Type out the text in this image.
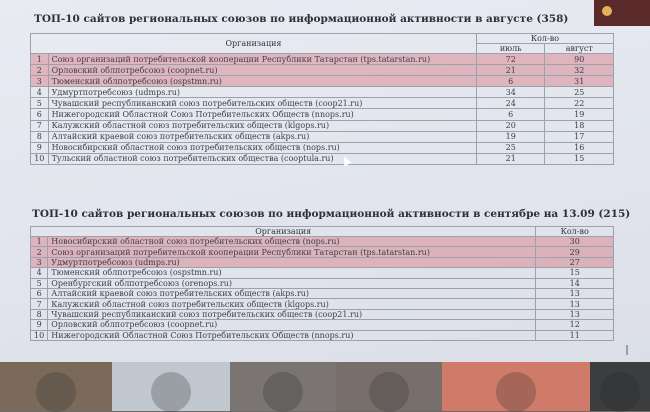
ТОП-10 сайтов региональных союзов по информационной активности в августе (358)
Организация		Кол-во	
		июль	август
1	Союз организаций потребительской кооперации Республики Татарстан (tps.tatarstan.ru)	72	90
2	Орловский облпотребсоюз (coopnet.ru)	21	32
3	Тюменский облпотребсоюз (ospstmn.ru)	6	31
4	Удмуртпотребсоюз (udmps.ru)	34	25
5	Чувашский республиканский союз потребительских обществ (coop21.ru)	24	22
6	Нижегородский Областной Союз Потребительских Обществ (nnops.ru)	6	19
7	Калужский областной союз потребительских обществ (klgops.ru)	20	18
8	Алтайский краевой союз потребительских обществ (akps.ru)	19	17
9	Новосибирский областной союз потребительских обществ (nops.ru)	25	16
10	Тульский областной союз потребительских общества (cooptula.ru)	21	15
ТОП-10 сайтов региональных союзов по информационной активности в сентябре на 13.09 (215)
Организация		Кол-во
1	Новосибирский областной союз потребительских обществ (nops.ru)	30
2	Союз организаций потребительской кооперации Республики Татарстан (tps.tatarstan.ru)	29
3	Удмуртпотребсоюз (udmps.ru)	27
4	Тюменский облпотребсоюз (ospstmn.ru)	15
5	Оренбургский облпотребсоюз (orenops.ru)	14
6	Алтайский краевой союз потребительских обществ (akps.ru)	13
7	Калужский областной союз потребительских обществ (klgops.ru)	13
8	Чувашский республиканский союз потребительских обществ (coop21.ru)	13
9	Орловский облпотребсоюз (coopnet.ru)	12
10	Нижегородский Областной Союз Потребительских Обществ (nnops.ru)	11
